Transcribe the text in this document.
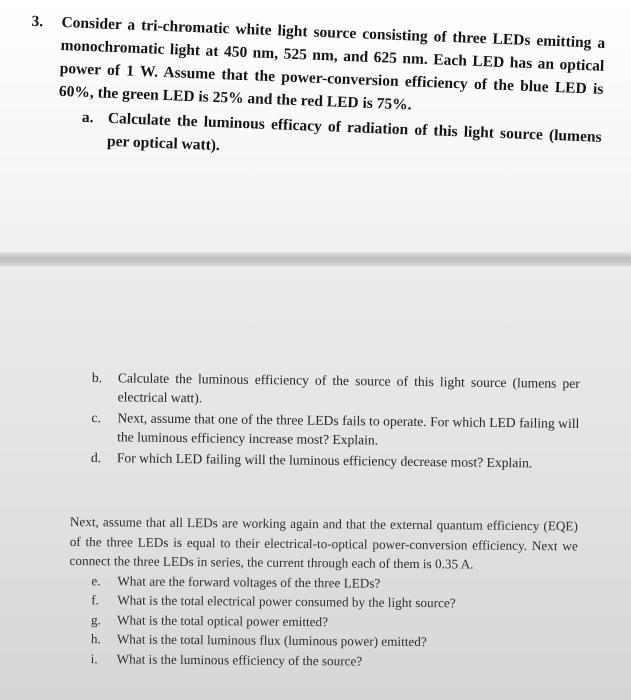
3. Consider a tri-chromatic white light source consisting of three LEDs emitting a monochromatic light at 450 nm, 525 nm, and 625 nm. Each LED has an optical power of 1 W. Assume that the power-conversion efficiency of the blue LED is 60%, the green LED is 25% and the red LED is 75%.
a. Calculate the luminous efficacy of radiation of this light source (lumens per optical watt).
b. Calculate the luminous efficiency of the source of this light source (lumens per electrical watt).
c. Next, assume that one of the three LEDs fails to operate. For which LED failing will the luminous efficiency increase most? Explain.
d. For which LED failing will the luminous efficiency decrease most? Explain.
Next, assume that all LEDs are working again and that the external quantum efficiency (EQE) of the three LEDs is equal to their electrical-to-optical power-conversion efficiency. Next we connect the three LEDs in series, the current through each of them is 0.35 A.
e. What are the forward voltages of the three LEDs?
f. What is the total electrical power consumed by the light source?
g. What is the total optical power emitted?
h. What is the total luminous flux (luminous power) emitted?
i. What is the luminous efficiency of the source?
